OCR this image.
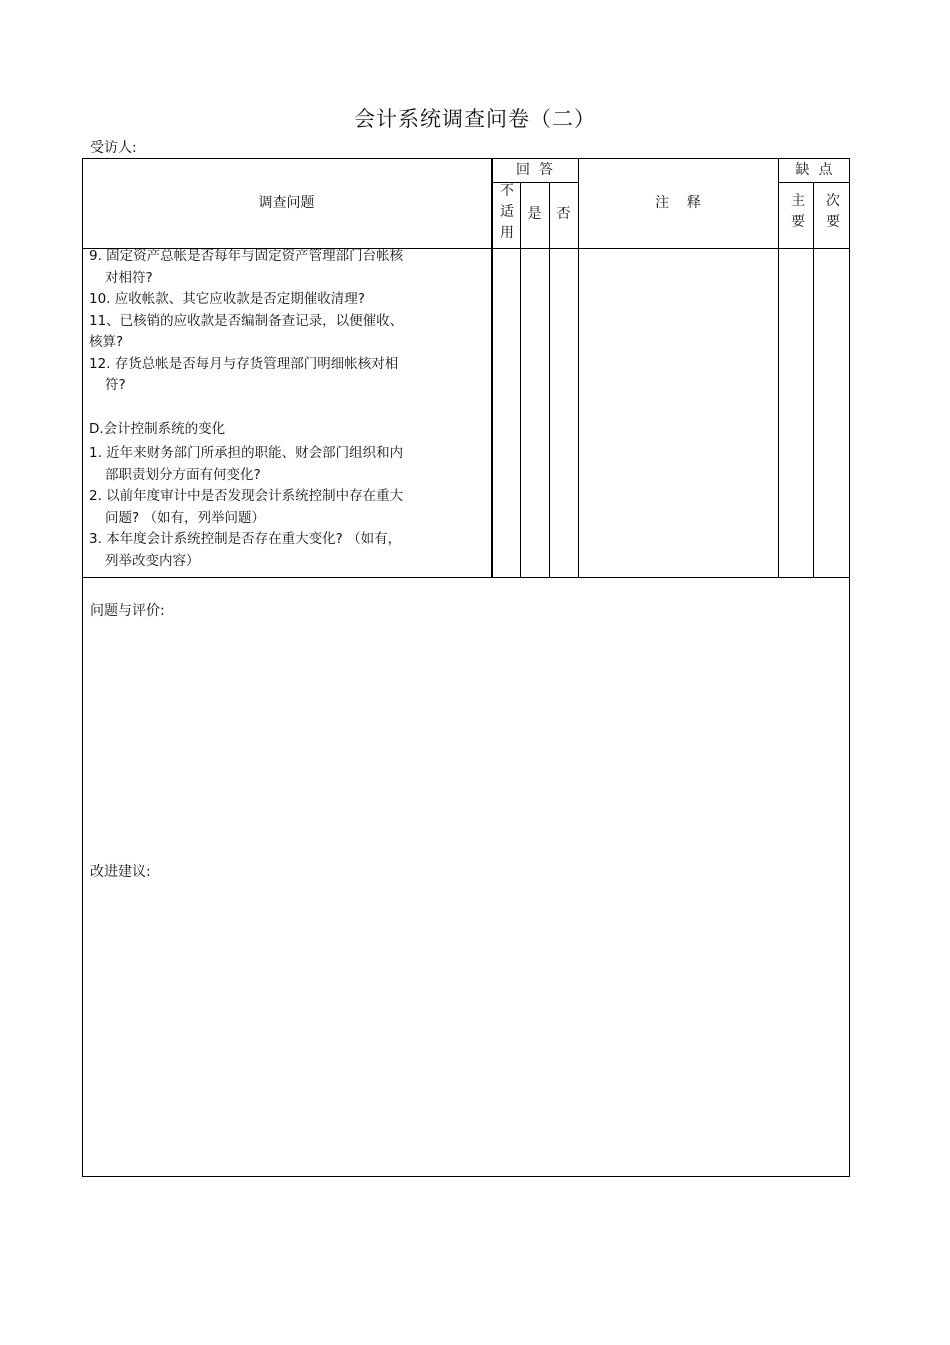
会计系统调查问卷（二）
受访人:
调查问题
回  答
不适用
是	否
注    释
缺  点
主要
次要

9. 固定资产总帐是否每年与固定资产管理部门台帐核
对相符?

10. 应收帐款、其它应收款是否定期催收清理?

11、已核销的应收款是否编制备查记录，以便催收、
核算?

12. 存货总帐是否每月与存货管理部门明细帐核对相
符?

D.会计控制系统的变化

1. 近年来财务部门所承担的职能、财会部门组织和内
部职责划分方面有何变化?

2. 以前年度审计中是否发现会计系统控制中存在重大
问题? （如有，列举问题）

3. 本年度会计系统控制是否存在重大变化? （如有，
列举改变内容）

问题与评价:
改进建议:
